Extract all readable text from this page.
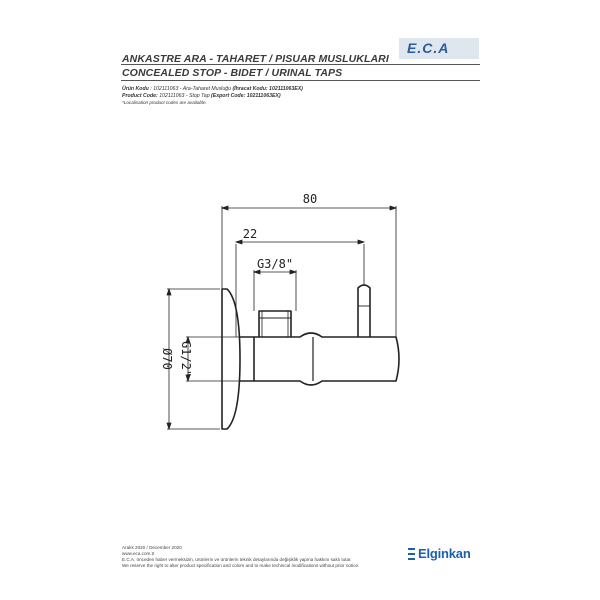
ANKASTRE ARA - TAHARET / PISUAR MUSLUKLARI
CONCEALED STOP - BIDET / URINAL TAPS
E.C.A
Ürün Kodu : 102111063 - Ara-Taharet Musluğu (İhracat Kodu: 102111063EX)
Product Code: 102111063 - Stop Tap (Export Code: 102111063EX)
*Localisation product codes are available.
80
22
G3/8"
Ø70 G1/2"
Aralık 2020 / December 2020
www.eca.com.tr
E.C.A. önceden haber vermeksizin, ürünlerin ve ürünlerin teknik detaylarında değişiklik yapma hakkını saklı tutar.
We reserve the right to alter product specification and colors and to make technical modifications without prior notice.
Elginkan
